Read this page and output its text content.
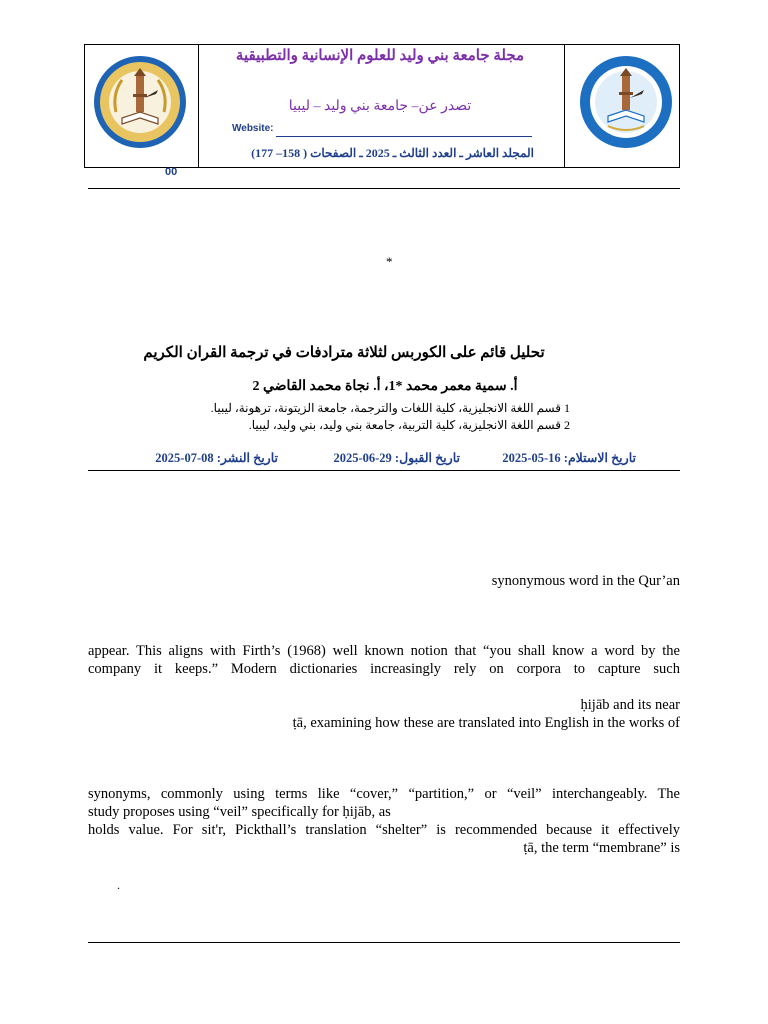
مجلة جامعة بني وليد للعلوم الإنسانية والتطبيقية
تصدر عن– جامعة بني وليد – ليبيا
Website:
المجلد العاشر ـ العدد الثالث ـ 2025 ـ الصفحات ( 158– 177)
00
*
تحليل قائم على الكوربس لثلاثة مترادفات في ترجمة القران الكريم
أ. سمية معمر محمد *1، أ. نجاة محمد القاضي 2
1 قسم اللغة الانجليزية، كلية اللغات والترجمة، جامعة الزيتونة، ترهونة، ليبيا.
2 قسم اللغة الانجليزية، كلية التربية، جامعة بني وليد، بني وليد، ليبيا.
تاريخ الاستلام: 16-05-2025
تاريخ القبول: 29-06-2025
تاريخ النشر: 08-07-2025
synonymous word in the Qur’an
appear. This aligns with Firth’s (1968) well known notion that “you shall know a word by the
company it keeps.” Modern dictionaries increasingly rely on corpora to capture such
ḥijāb and its near
ṭā, examining how these are translated into English in the works of
synonyms, commonly using terms like “cover,” “partition,” or “veil” interchangeably. The
study proposes using “veil” specifically for ḥijāb, as
holds value. For sit'r, Pickthall’s translation “shelter” is recommended because it effectively
ṭā, the term “membrane” is
.
